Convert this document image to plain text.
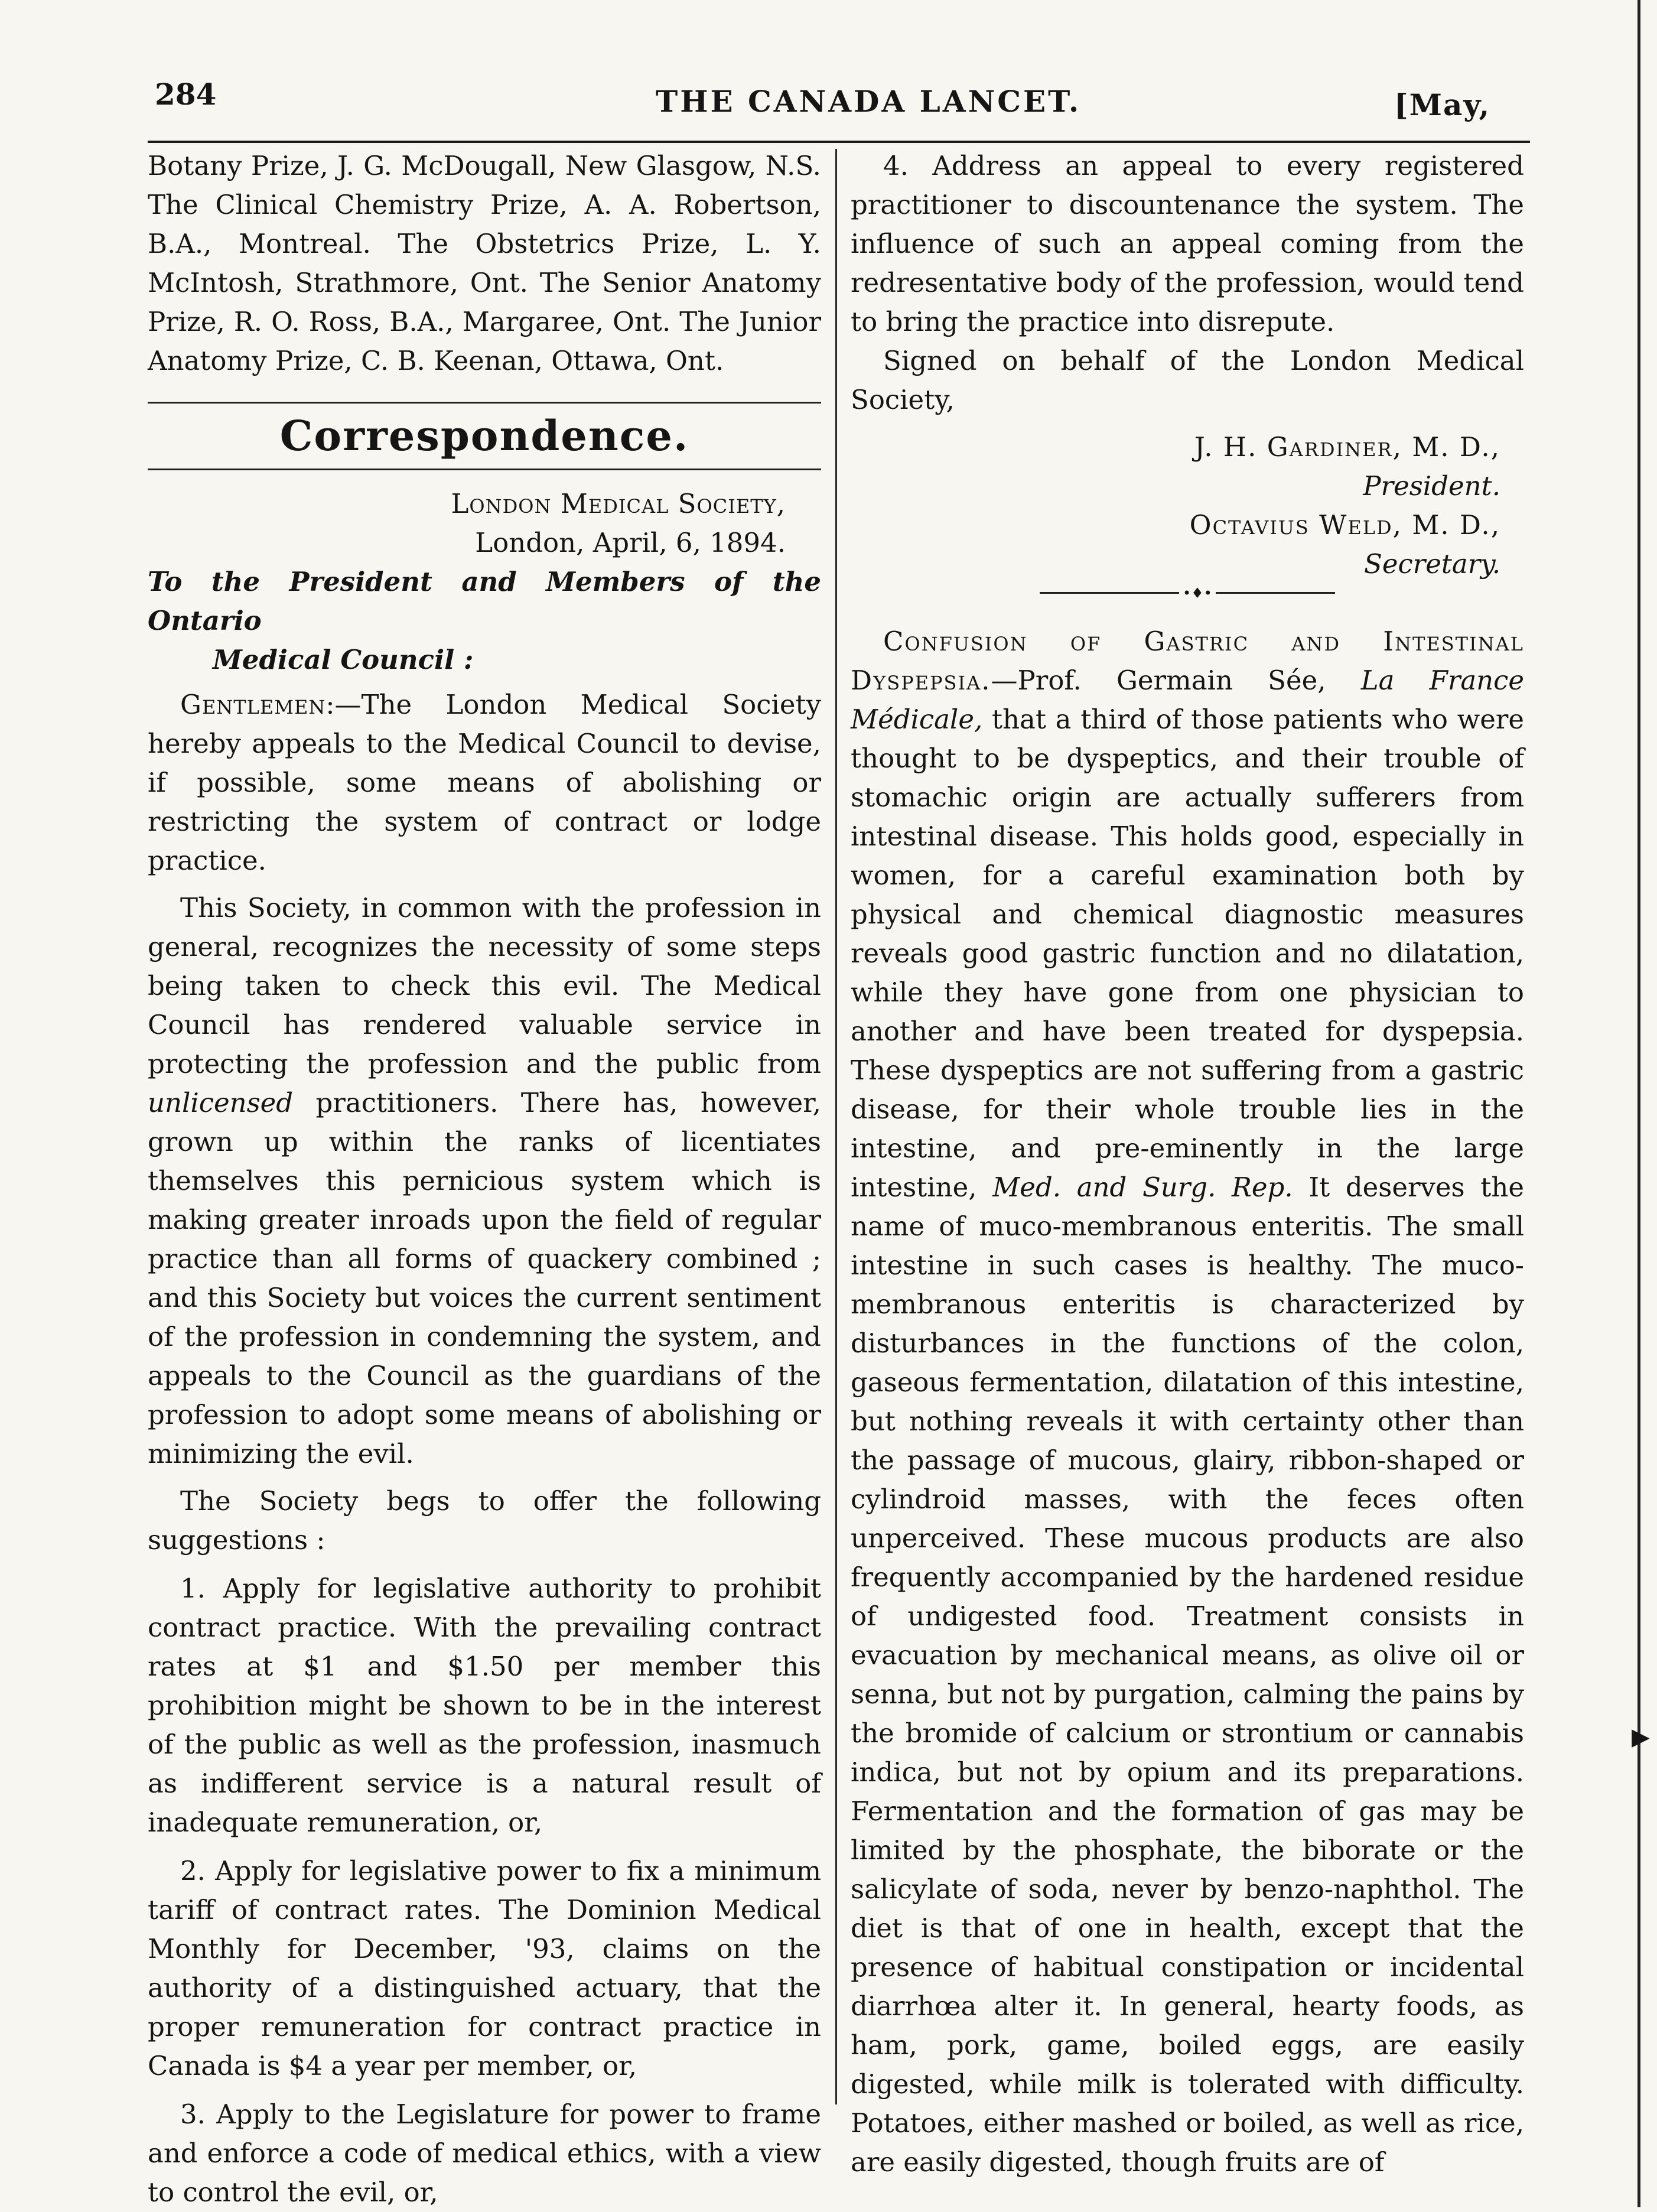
284	THE CANADA LANCET.	[May,
▶

Botany Prize, J. G. McDougall, New Glasgow, N.S. The Clinical Chemistry Prize, A. A. Robertson, B.A., Montreal. The Obstetrics Prize, L. Y. McIntosh, Strathmore, Ont. The Senior Anatomy Prize, R. O. Ross, B.A., Margaree, Ont. The Junior Anatomy Prize, C. B. Keenan, Ottawa, Ont.

Correspondence.

London Medical Society,

London, April, 6, 1894.

To the President and Members of the Ontario
Medical Council :

Gentlemen:—The London Medical Society hereby appeals to the Medical Council to devise, if possible, some means of abolishing or restricting the system of contract or lodge practice.

This Society, in common with the profession in general, recognizes the necessity of some steps being taken to check this evil. The Medical Council has rendered valuable service in protecting the profession and the public from unlicensed practitioners. There has, however, grown up within the ranks of licentiates themselves this pernicious system which is making greater inroads upon the field of regular practice than all forms of quackery combined ; and this Society but voices the current sentiment of the profession in condemning the system, and appeals to the Council as the guardians of the profession to adopt some means of abolishing or minimizing the evil.

The Society begs to offer the following suggestions :

1. Apply for legislative authority to prohibit contract practice. With the prevailing contract rates at $1 and $1.50 per member this prohibition might be shown to be in the interest of the public as well as the profession, inasmuch as indifferent service is a natural result of inadequate remuneration, or,

2. Apply for legislative power to fix a minimum tariff of contract rates. The Dominion Medical Monthly for December, '93, claims on the authority of a distinguished actuary, that the proper remuneration for contract practice in Canada is $4 a year per member, or,

3. Apply to the Legislature for power to frame and enforce a code of medical ethics, with a view to control the evil, or,

4. Address an appeal to every registered practitioner to discountenance the system. The influence of such an appeal coming from the redresentative body of the profession, would tend to bring the practice into disrepute.

Signed on behalf of the London Medical Society,

J. H. Gardiner, M. D.,

President.

Octavius Weld, M. D.,

Secretary.

•♦•

Confusion of Gastric and Intestinal Dyspepsia.—Prof. Germain Sée, La France Médicale, that a third of those patients who were thought to be dyspeptics, and their trouble of stomachic origin are actually sufferers from intestinal disease. This holds good, especially in women, for a careful examination both by physical and chemical diagnostic measures reveals good gastric function and no dilatation, while they have gone from one physician to another and have been treated for dyspepsia. These dyspeptics are not suffering from a gastric disease, for their whole trouble lies in the intestine, and pre-eminently in the large intestine, Med. and Surg. Rep. It deserves the name of muco-membranous enteritis. The small intestine in such cases is healthy. The muco-membranous enteritis is characterized by disturbances in the functions of the colon, gaseous fermentation, dilatation of this intestine, but nothing reveals it with certainty other than the passage of mucous, glairy, ribbon-shaped or cylindroid masses, with the feces often unperceived. These mucous products are also frequently accompanied by the hardened residue of undigested food. Treatment consists in evacuation by mechanical means, as olive oil or senna, but not by purgation, calming the pains by the bromide of calcium or strontium or cannabis indica, but not by opium and its preparations. Fermentation and the formation of gas may be limited by the phosphate, the biborate or the salicylate of soda, never by benzo-naphthol. The diet is that of one in health, except that the presence of habitual constipation or incidental diarrhœa alter it. In general, hearty foods, as ham, pork, game, boiled eggs, are easily digested, while milk is tolerated with difficulty. Potatoes, either mashed or boiled, as well as rice, are easily digested, though fruits are of
